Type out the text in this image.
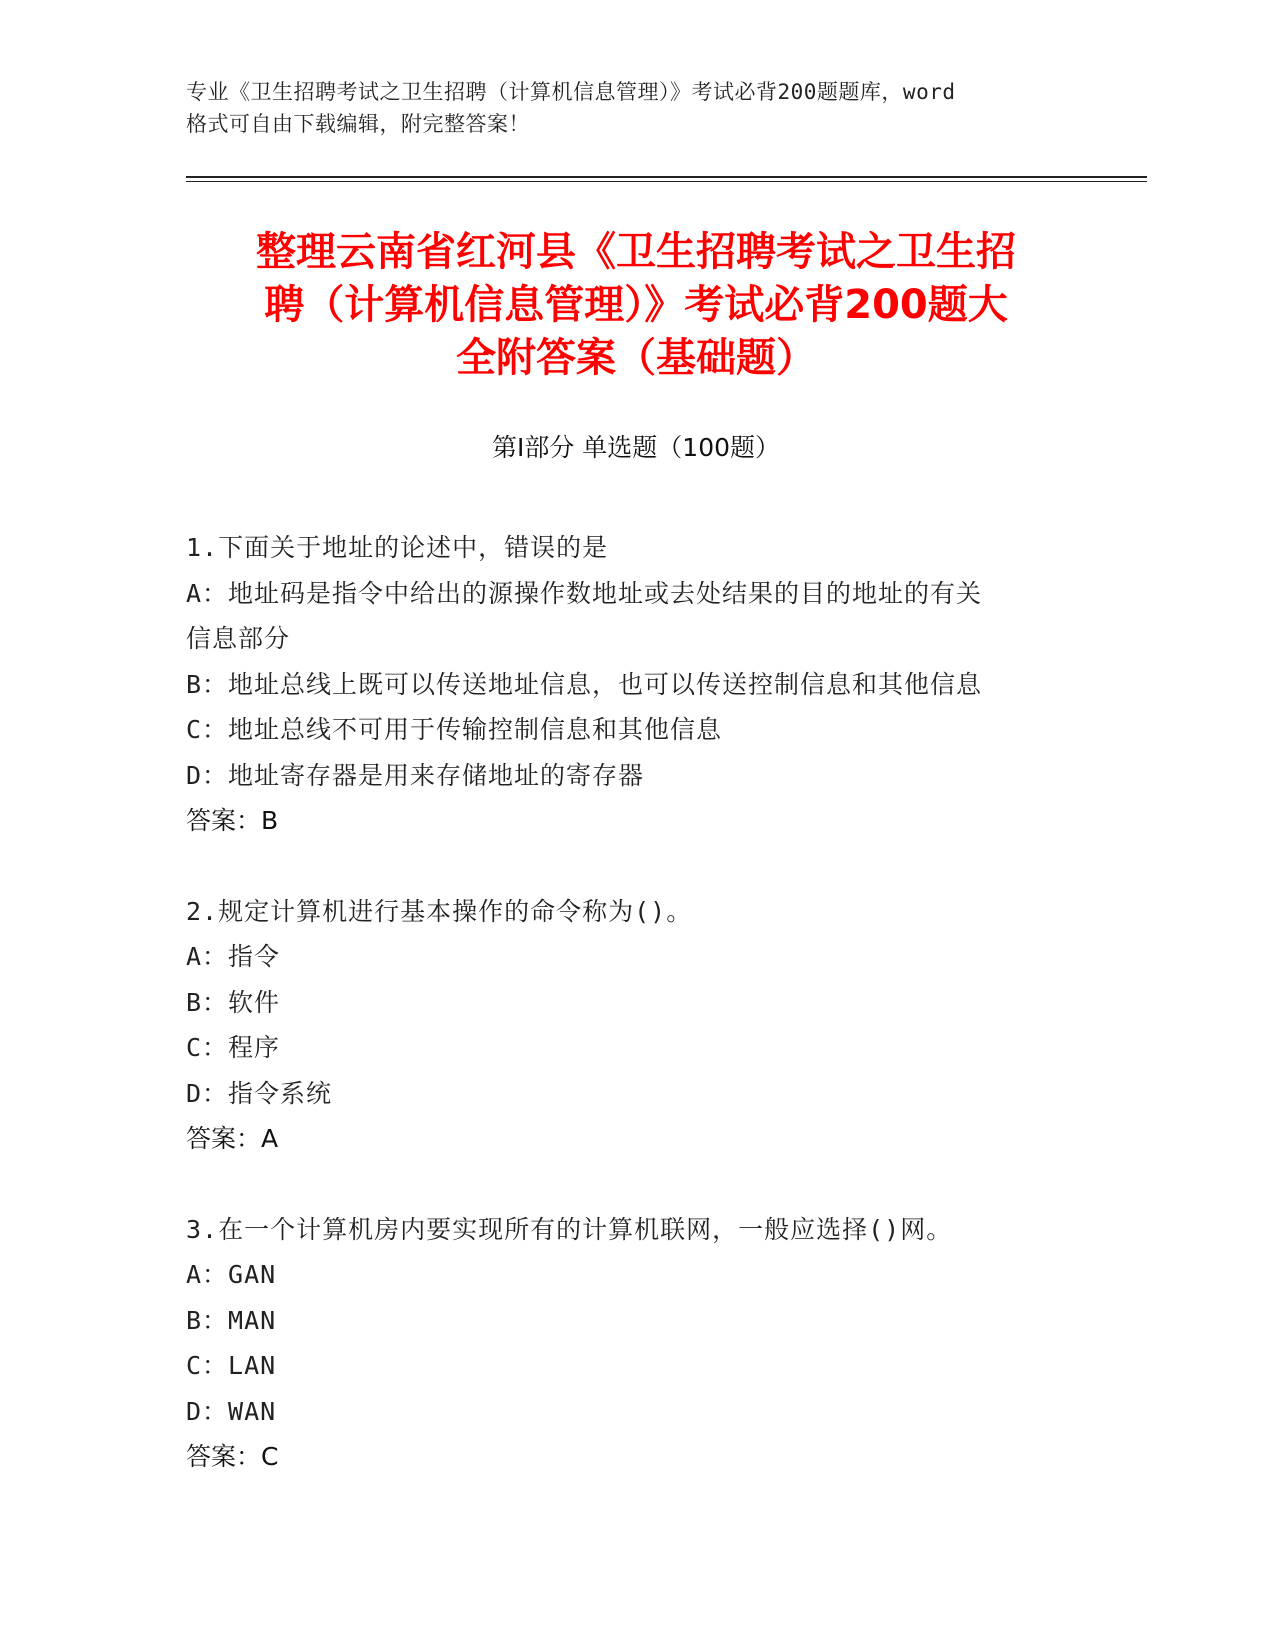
专业《卫生招聘考试之卫生招聘（计算机信息管理）》考试必背200题题库，word
格式可自由下载编辑，附完整答案！
整理云南省红河县《卫生招聘考试之卫生招
聘（计算机信息管理）》考试必背200题大
全附答案（基础题）
第Ⅰ部分 单选题（100题）
1.下面关于地址的论述中，错误的是
A：地址码是指令中给出的源操作数地址或去处结果的目的地址的有关
信息部分
B：地址总线上既可以传送地址信息，也可以传送控制信息和其他信息
C：地址总线不可用于传输控制信息和其他信息
D：地址寄存器是用来存储地址的寄存器
答案：B
2.规定计算机进行基本操作的命令称为()。
A：指令
B：软件
C：程序
D：指令系统
答案：A
3.在一个计算机房内要实现所有的计算机联网，一般应选择()网。
A：GAN
B：MAN
C：LAN
D：WAN
答案：C
